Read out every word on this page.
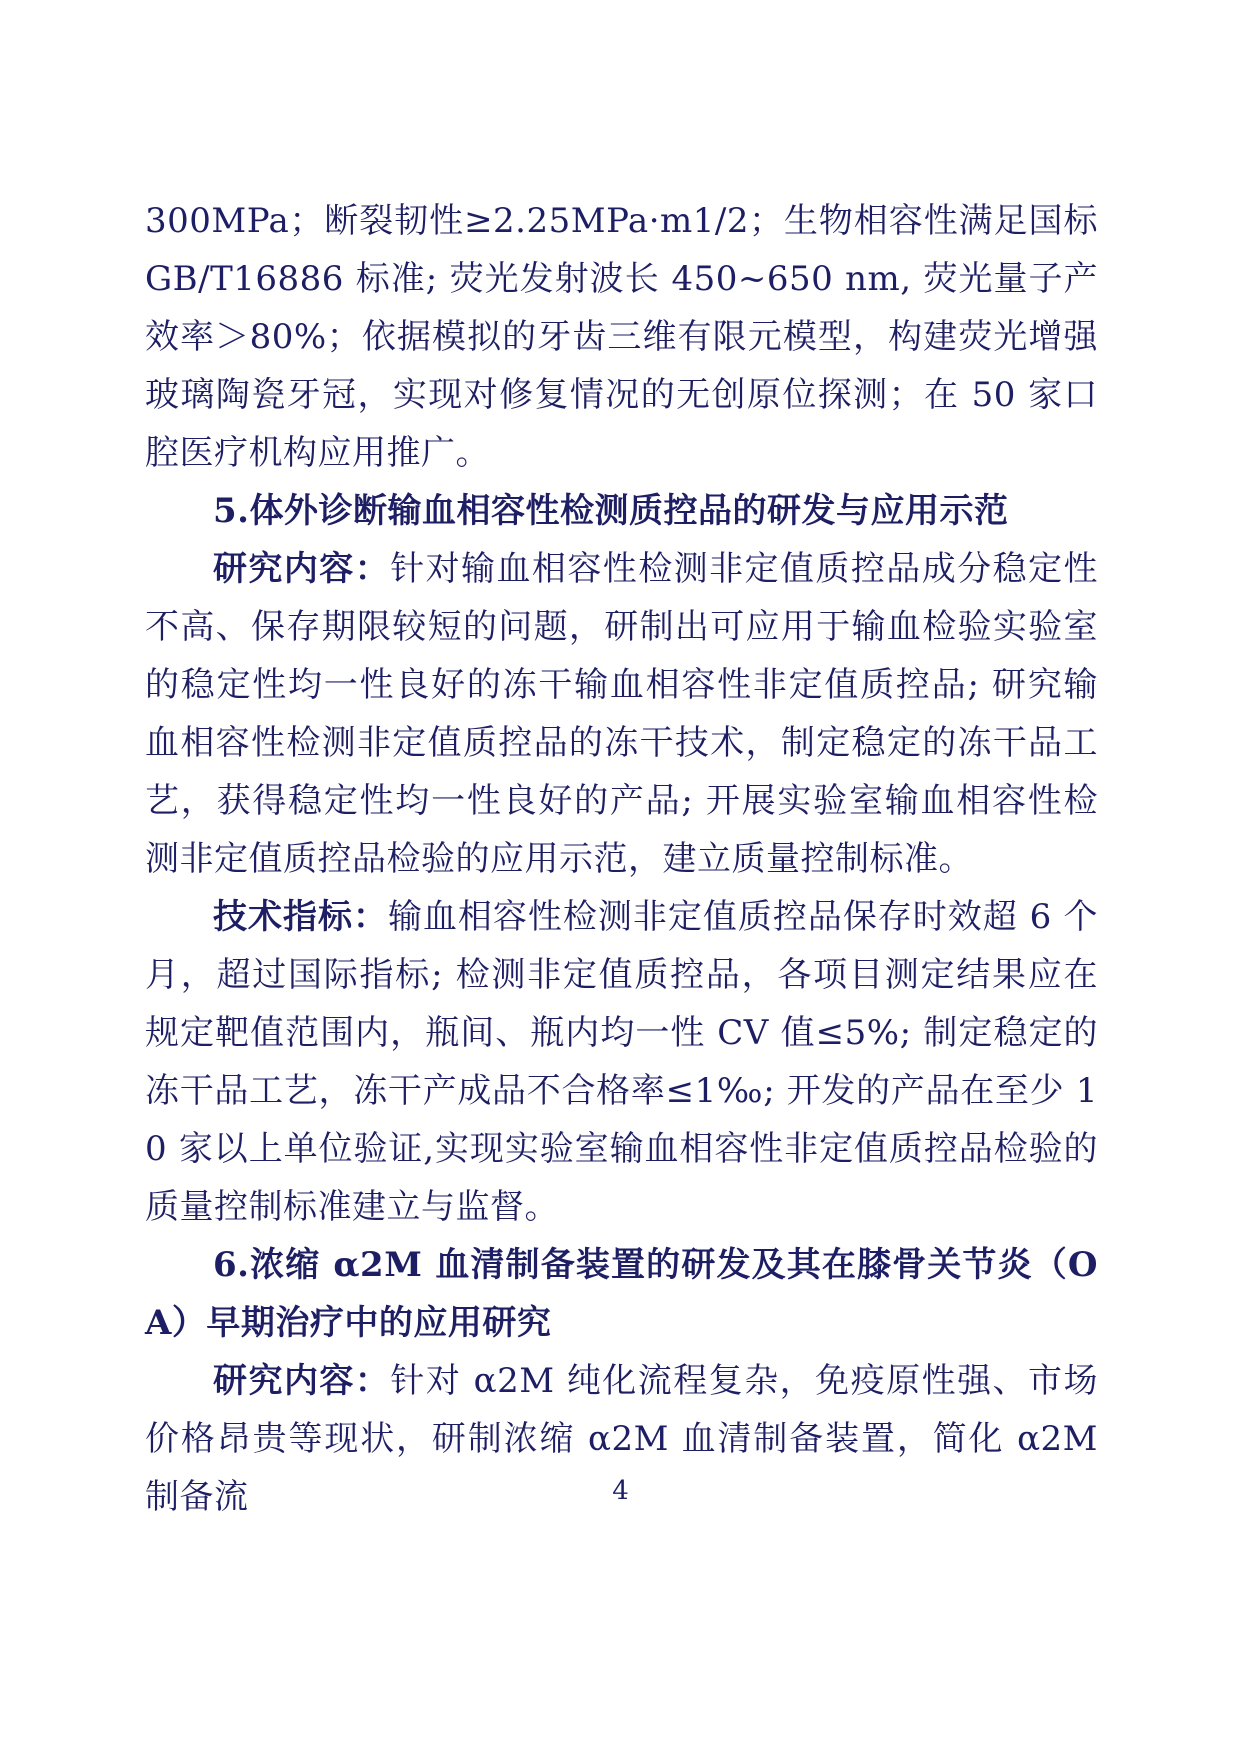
300MPa；断裂韧性≥2.25MPa·m1/2；生物相容性满足国标 GB/T16886 标准; 荧光发射波长 450~650 nm, 荧光量子产效率＞80%；依据模拟的牙齿三维有限元模型，构建荧光增强玻璃陶瓷牙冠，实现对修复情况的无创原位探测；在 50 家口腔医疗机构应用推广。

5.体外诊断输血相容性检测质控品的研发与应用示范

研究内容：针对输血相容性检测非定值质控品成分稳定性不高、保存期限较短的问题，研制出可应用于输血检验实验室的稳定性均一性良好的冻干输血相容性非定值质控品; 研究输血相容性检测非定值质控品的冻干技术，制定稳定的冻干品工艺，获得稳定性均一性良好的产品; 开展实验室输血相容性检测非定值质控品检验的应用示范，建立质量控制标准。

技术指标：输血相容性检测非定值质控品保存时效超 6 个月，超过国际指标; 检测非定值质控品，各项目测定结果应在规定靶值范围内，瓶间、瓶内均一性 CV 值≤5%; 制定稳定的冻干品工艺，冻干产成品不合格率≤1‰; 开发的产品在至少 10 家以上单位验证,实现实验室输血相容性非定值质控品检验的质量控制标准建立与监督。

6.浓缩 α2M 血清制备装置的研发及其在膝骨关节炎（OA）早期治疗中的应用研究

研究内容：针对 α2M 纯化流程复杂，免疫原性强、市场价格昂贵等现状，研制浓缩 α2M 血清制备装置，简化 α2M 制备流	4
